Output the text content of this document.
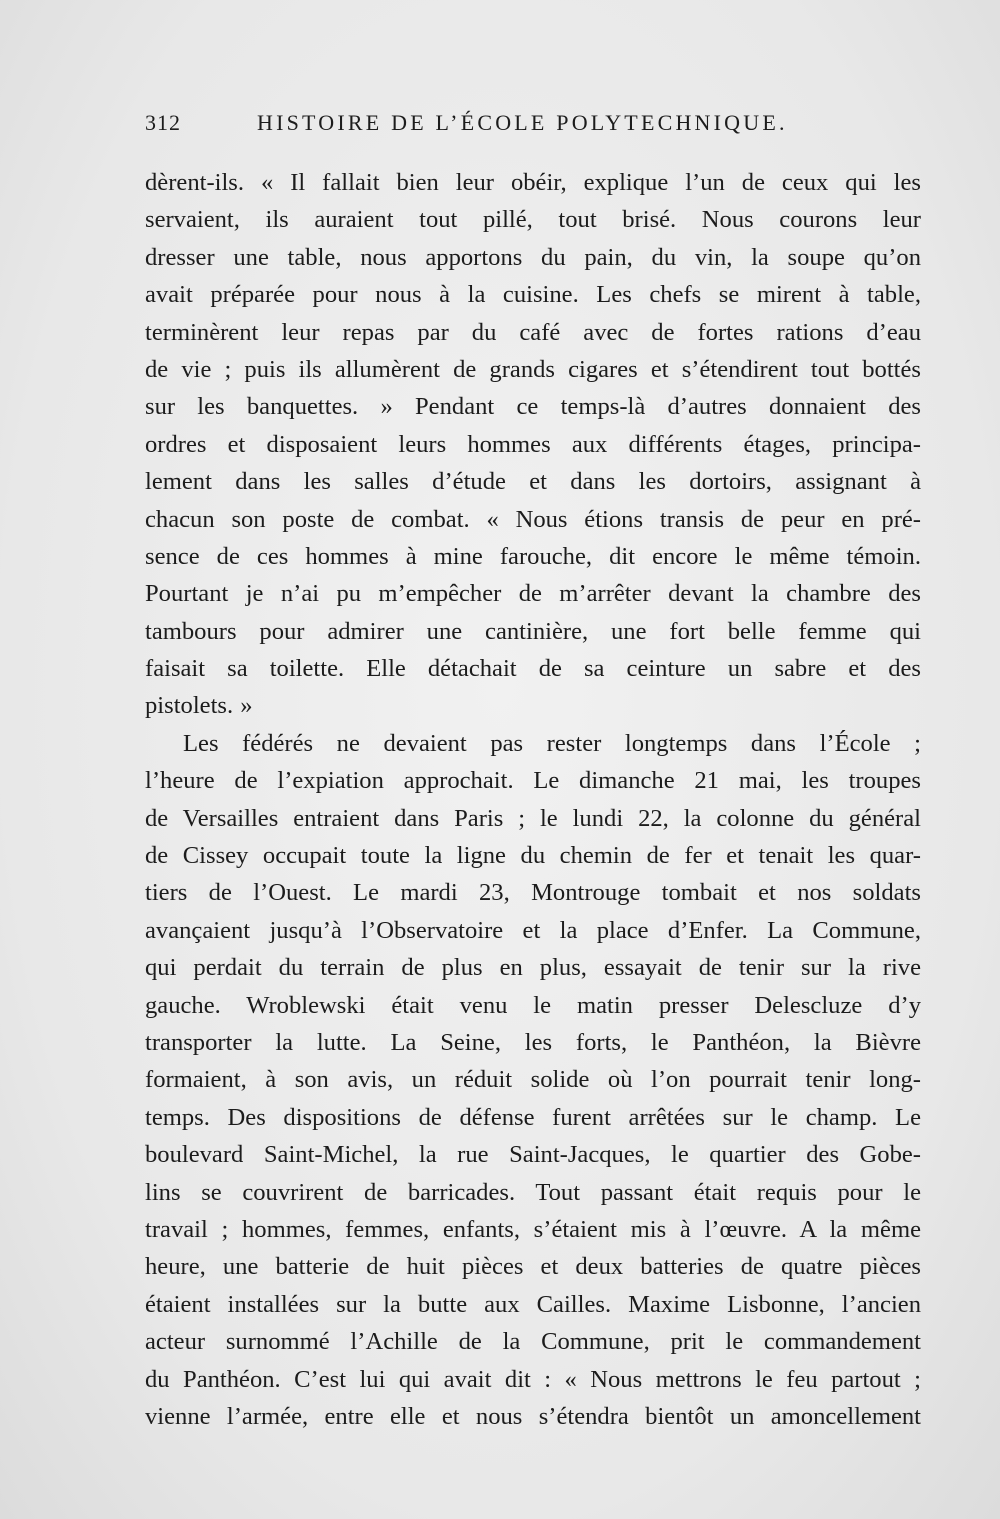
312	HISTOIRE DE L’ÉCOLE POLYTECHNIQUE.
dèrent-ils. « Il fallait bien leur obéir, explique l’un de ceux qui les
servaient, ils auraient tout pillé, tout brisé. Nous courons leur
dresser une table, nous apportons du pain, du vin, la soupe qu’on
avait préparée pour nous à la cuisine. Les chefs se mirent à table,
terminèrent leur repas par du café avec de fortes rations d’eau
de vie ; puis ils allumèrent de grands cigares et s’étendirent tout bottés
sur les banquettes. » Pendant ce temps-là d’autres donnaient des
ordres et disposaient leurs hommes aux différents étages, principa-
lement dans les salles d’étude et dans les dortoirs, assignant à
chacun son poste de combat. « Nous étions transis de peur en pré-
sence de ces hommes à mine farouche, dit encore le même témoin.
Pourtant je n’ai pu m’empêcher de m’arrêter devant la chambre des
tambours pour admirer une cantinière, une fort belle femme qui
faisait sa toilette. Elle détachait de sa ceinture un sabre et des
pistolets. »
Les fédérés ne devaient pas rester longtemps dans l’École ;
l’heure de l’expiation approchait. Le dimanche 21 mai, les troupes
de Versailles entraient dans Paris ; le lundi 22, la colonne du général
de Cissey occupait toute la ligne du chemin de fer et tenait les quar-
tiers de l’Ouest. Le mardi 23, Montrouge tombait et nos soldats
avançaient jusqu’à l’Observatoire et la place d’Enfer. La Commune,
qui perdait du terrain de plus en plus, essayait de tenir sur la rive
gauche. Wroblewski était venu le matin presser Delescluze d’y
transporter la lutte. La Seine, les forts, le Panthéon, la Bièvre
formaient, à son avis, un réduit solide où l’on pourrait tenir long-
temps. Des dispositions de défense furent arrêtées sur le champ. Le
boulevard Saint-Michel, la rue Saint-Jacques, le quartier des Gobe-
lins se couvrirent de barricades. Tout passant était requis pour le
travail ; hommes, femmes, enfants, s’étaient mis à l’œuvre. A la même
heure, une batterie de huit pièces et deux batteries de quatre pièces
étaient installées sur la butte aux Cailles. Maxime Lisbonne, l’ancien
acteur surnommé l’Achille de la Commune, prit le commandement
du Panthéon. C’est lui qui avait dit : « Nous mettrons le feu partout ;
vienne l’armée, entre elle et nous s’étendra bientôt un amoncellement
